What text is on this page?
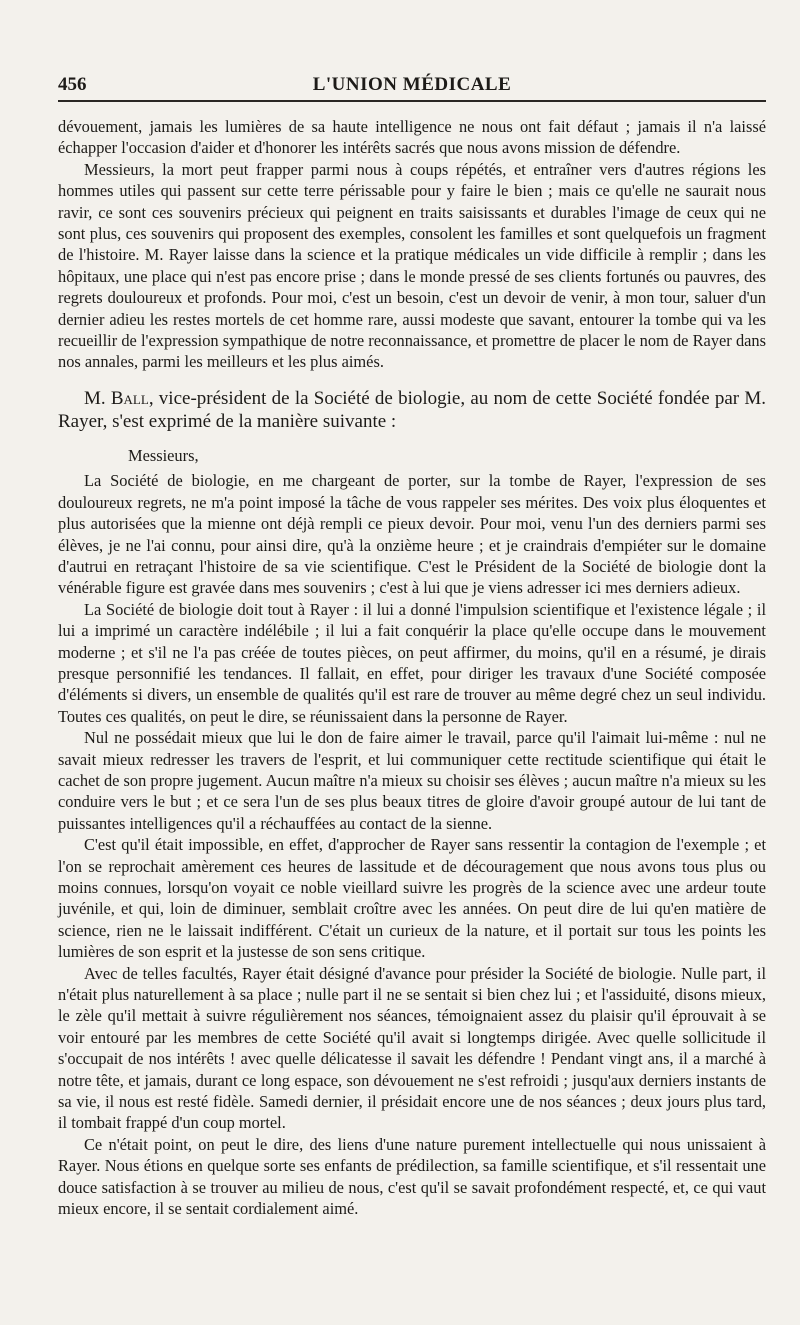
456	L'UNION MÉDICALE

dévouement, jamais les lumières de sa haute intelligence ne nous ont fait défaut ; jamais il n'a laissé échapper l'occasion d'aider et d'honorer les intérêts sacrés que nous avons mission de défendre.

Messieurs, la mort peut frapper parmi nous à coups répétés, et entraîner vers d'autres régions les hommes utiles qui passent sur cette terre périssable pour y faire le bien ; mais ce qu'elle ne saurait nous ravir, ce sont ces souvenirs précieux qui peignent en traits saisissants et durables l'image de ceux qui ne sont plus, ces souvenirs qui proposent des exemples, consolent les familles et sont quelquefois un fragment de l'histoire. M. Rayer laisse dans la science et la pratique médicales un vide difficile à remplir ; dans les hôpitaux, une place qui n'est pas encore prise ; dans le monde pressé de ses clients fortunés ou pauvres, des regrets douloureux et profonds. Pour moi, c'est un besoin, c'est un devoir de venir, à mon tour, saluer d'un dernier adieu les restes mortels de cet homme rare, aussi modeste que savant, entourer la tombe qui va les recueillir de l'expression sympathique de notre reconnaissance, et promettre de placer le nom de Rayer dans nos annales, parmi les meilleurs et les plus aimés.

M. Ball, vice-président de la Société de biologie, au nom de cette Société fondée par M. Rayer, s'est exprimé de la manière suivante :

Messieurs,

La Société de biologie, en me chargeant de porter, sur la tombe de Rayer, l'expression de ses douloureux regrets, ne m'a point imposé la tâche de vous rappeler ses mérites. Des voix plus éloquentes et plus autorisées que la mienne ont déjà rempli ce pieux devoir. Pour moi, venu l'un des derniers parmi ses élèves, je ne l'ai connu, pour ainsi dire, qu'à la onzième heure ; et je craindrais d'empiéter sur le domaine d'autrui en retraçant l'histoire de sa vie scientifique. C'est le Président de la Société de biologie dont la vénérable figure est gravée dans mes souvenirs ; c'est à lui que je viens adresser ici mes derniers adieux.

La Société de biologie doit tout à Rayer : il lui a donné l'impulsion scientifique et l'existence légale ; il lui a imprimé un caractère indélébile ; il lui a fait conquérir la place qu'elle occupe dans le mouvement moderne ; et s'il ne l'a pas créée de toutes pièces, on peut affirmer, du moins, qu'il en a résumé, je dirais presque personnifié les tendances. Il fallait, en effet, pour diriger les travaux d'une Société composée d'éléments si divers, un ensemble de qualités qu'il est rare de trouver au même degré chez un seul individu. Toutes ces qualités, on peut le dire, se réunissaient dans la personne de Rayer.

Nul ne possédait mieux que lui le don de faire aimer le travail, parce qu'il l'aimait lui-même : nul ne savait mieux redresser les travers de l'esprit, et lui communiquer cette rectitude scientifique qui était le cachet de son propre jugement. Aucun maître n'a mieux su choisir ses élèves ; aucun maître n'a mieux su les conduire vers le but ; et ce sera l'un de ses plus beaux titres de gloire d'avoir groupé autour de lui tant de puissantes intelligences qu'il a réchauffées au contact de la sienne.

C'est qu'il était impossible, en effet, d'approcher de Rayer sans ressentir la contagion de l'exemple ; et l'on se reprochait amèrement ces heures de lassitude et de découragement que nous avons tous plus ou moins connues, lorsqu'on voyait ce noble vieillard suivre les progrès de la science avec une ardeur toute juvénile, et qui, loin de diminuer, semblait croître avec les années. On peut dire de lui qu'en matière de science, rien ne le laissait indifférent. C'était un curieux de la nature, et il portait sur tous les points les lumières de son esprit et la justesse de son sens critique.

Avec de telles facultés, Rayer était désigné d'avance pour présider la Société de biologie. Nulle part, il n'était plus naturellement à sa place ; nulle part il ne se sentait si bien chez lui ; et l'assiduité, disons mieux, le zèle qu'il mettait à suivre régulièrement nos séances, témoignaient assez du plaisir qu'il éprouvait à se voir entouré par les membres de cette Société qu'il avait si longtemps dirigée. Avec quelle sollicitude il s'occupait de nos intérêts ! avec quelle délicatesse il savait les défendre ! Pendant vingt ans, il a marché à notre tête, et jamais, durant ce long espace, son dévouement ne s'est refroidi ; jusqu'aux derniers instants de sa vie, il nous est resté fidèle. Samedi dernier, il présidait encore une de nos séances ; deux jours plus tard, il tombait frappé d'un coup mortel.

Ce n'était point, on peut le dire, des liens d'une nature purement intellectuelle qui nous unissaient à Rayer. Nous étions en quelque sorte ses enfants de prédilection, sa famille scientifique, et s'il ressentait une douce satisfaction à se trouver au milieu de nous, c'est qu'il se savait profondément respecté, et, ce qui vaut mieux encore, il se sentait cordialement aimé.
